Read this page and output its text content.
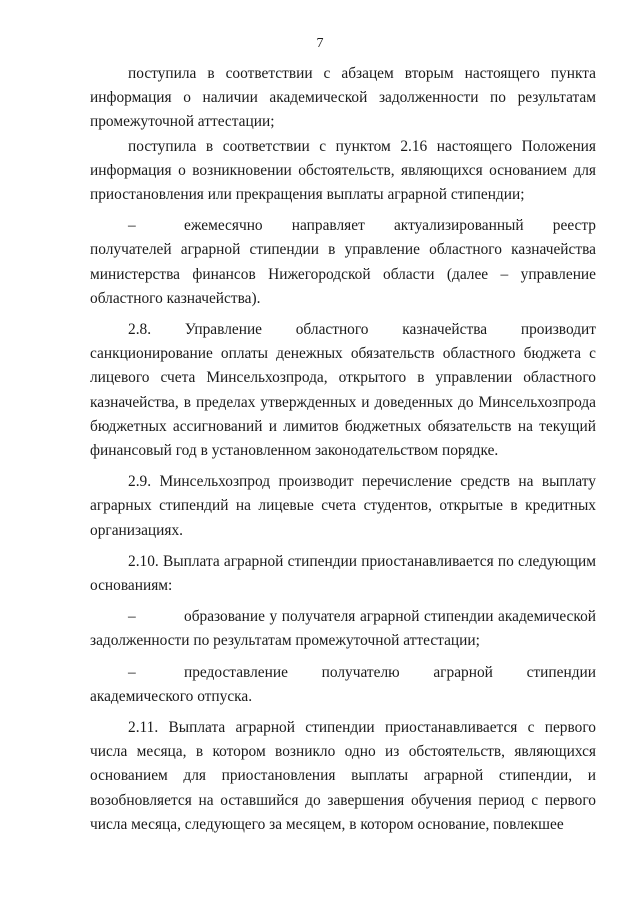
7

поступила в соответствии с абзацем вторым настоящего пункта информация о наличии академической задолженности по результатам промежуточной аттестации;

поступила в соответствии с пунктом 2.16 настоящего Положения информация о возникновении обстоятельств, являющихся основанием для приостановления или прекращения выплаты аграрной стипендии;

–	ежемесячно направляет актуализированный реестр получателей аграрной стипендии в управление областного казначейства министерства финансов Нижегородской области (далее – управление областного казначейства).

2.8. Управление областного казначейства производит санкционирование оплаты денежных обязательств областного бюджета с лицевого счета Минсельхозпрода, открытого в управлении областного казначейства, в пределах утвержденных и доведенных до Минсельхозпрода бюджетных ассигнований и лимитов бюджетных обязательств на текущий финансовый год в установленном законодательством порядке.

2.9. Минсельхозпрод производит перечисление средств на выплату аграрных стипендий на лицевые счета студентов, открытые в кредитных организациях.

2.10. Выплата аграрной стипендии приостанавливается по следующим основаниям:

–	образование у получателя аграрной стипендии академической задолженности по результатам промежуточной аттестации;

–	предоставление получателю аграрной стипендии академического отпуска.

2.11. Выплата аграрной стипендии приостанавливается с первого числа месяца, в котором возникло одно из обстоятельств, являющихся основанием для приостановления выплаты аграрной стипендии, и возобновляется на оставшийся до завершения обучения период с первого числа месяца, следующего за месяцем, в котором основание, повлекшее
